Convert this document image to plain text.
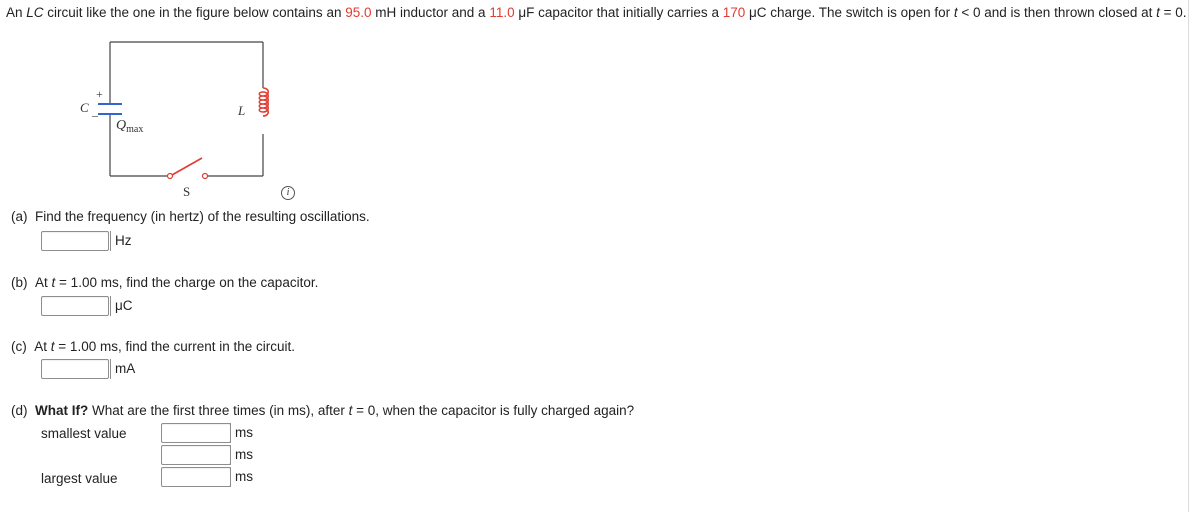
An LC circuit like the one in the figure below contains an 95.0 mH inductor and a 11.0 μF capacitor that initially carries a 170 μC charge. The switch is open for t < 0 and is then thrown closed at t = 0.
+
–
C
$Q_{max}$
L
S	i
(a) Find the frequency (in hertz) of the resulting oscillations.
Hz
(b) At t = 1.00 ms, find the charge on the capacitor.
μC
(c) At t = 1.00 ms, find the current in the circuit.
mA
(d) What If? What are the first three times (in ms), after t = 0, when the capacitor is fully charged again?
smallest value	ms
ms
largest value	ms
